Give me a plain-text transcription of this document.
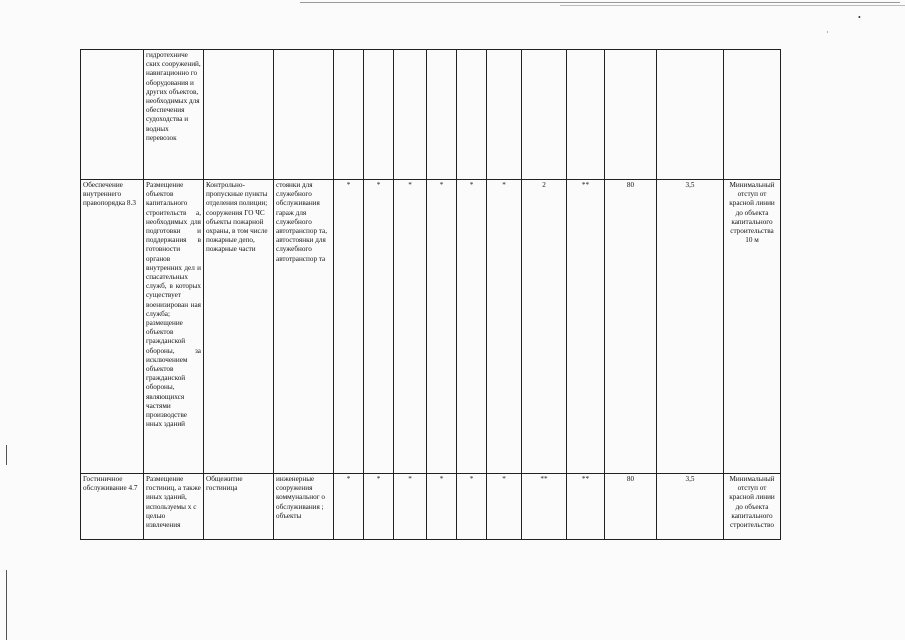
•
·
	гидротехниче ских сооружений, навигационно го оборудования и других объектов, необходимых для обеспечения судоходства и водных перевозок													
Обеспечение внутреннего правопорядка 8.3	Размещение объектов капитального строительств а, необходимых для подготовки и поддержания в готовности органов внутренних дел и спасательных служб, в которых существует военизирован ная служба; размещение объектов гражданской обороны, за исключением объектов гражданской обороны, являющихся частями производстве нных зданий	Контрольно-пропускные пункты отделения полиции; сооружения ГО ЧС объекты пожарной охраны, в том числе пожарные депо, пожарные части	стоянки для служебного обслуживания гараж для служебного автотранспор та, автостоянки для служебного автотранспор та	*	*	*	*	*	*	2	**	80	3,5	Минимальный отступ от красной линии до объекта капитального строительства 10 м
Гостиничное обслуживание 4.7	Размещение гостиниц, а также иных зданий, используемы х с целью извлечения	Общежитие гостиница	инженерные сооружения коммунальног о обслуживания ; объекты	*	*	*	*	*	*	**	**	80	3,5	Минимальный отступ от красной линии до объекта капитального строительство
